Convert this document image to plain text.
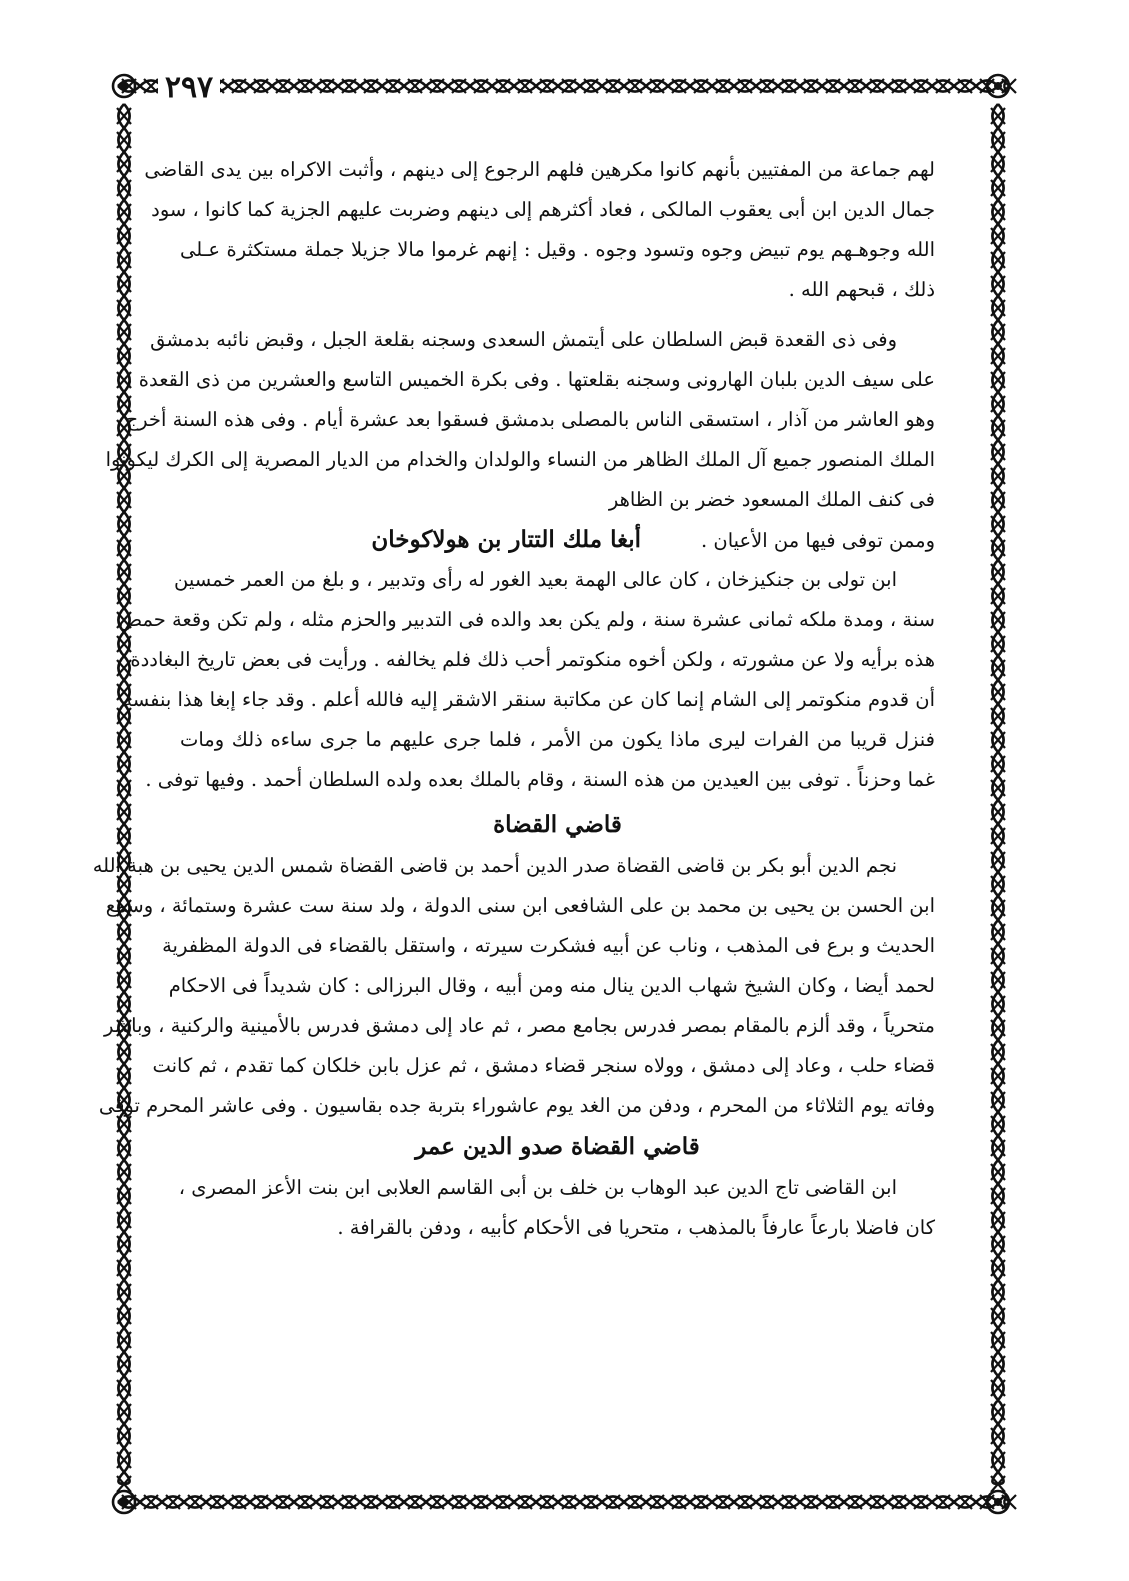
٢٩٧
لهم جماعة من المفتيين بأنهم كانوا مكرهين فلهم الرجوع إلى دينهم ، وأثبت الاكراه بين يدى القاضى
جمال الدين ابن أبى يعقوب المالكى ، فعاد أكثرهم إلى دينهم وضربت عليهم الجزية كما كانوا ، سود
الله وجوهـهم يوم تبيض وجوه وتسود وجوه . وقيل : إنهم غرموا مالا جزيلا جملة مستكثرة عـلى
ذلك ، قبحهم الله .
وفى ذى القعدة قبض السلطان على أيتمش السعدى وسجنه بقلعة الجبل ، وقبض نائبه بدمشق
على سيف الدين بلبان الهارونى وسجنه بقلعتها . وفى بكرة الخميس التاسع والعشرين من ذى القعدة ،
وهو العاشر من آذار ، استسقى الناس بالمصلى بدمشق فسقوا بعد عشرة أيام . وفى هذه السنة أخرج
الملك المنصور جميع آل الملك الظاهر من النساء والولدان والخدام من الديار المصرية إلى الكرك ليكونوا
فى كنف الملك المسعود خضر بن الظاهر
وممن توفى فيها من الأعيان .
أبغا ملك التتار بن هولاكوخان
ابن تولى بن جنكيزخان ، كان عالى الهمة بعيد الغور له رأى وتدبير ، و بلغ من العمر خمسين
سنة ، ومدة ملكه ثمانى عشرة سنة ، ولم يكن بعد والده فى التدبير والحزم مثله ، ولم تكن وقعة حمص
هذه برأيه ولا عن مشورته ، ولكن أخوه منكوتمر أحب ذلك فلم يخالفه . ورأيت فى بعض تاريخ البغاددة
أن قدوم منكوتمر إلى الشام إنما كان عن مكاتبة سنقر الاشقر إليه فالله أعلم . وقد جاء إبغا هذا بنفسه
فنزل قريبا من الفرات ليرى ماذا يكون من الأمر ، فلما جرى عليهم ما جرى ساءه ذلك ومات
غما وحزناً . توفى بين العيدين من هذه السنة ، وقام بالملك بعده ولده السلطان أحمد . وفيها توفى .
قاضي القضاة
نجم الدين أبو بكر بن قاضى القضاة صدر الدين أحمد بن قاضى القضاة شمس الدين يحيى بن هبة الله
ابن الحسن بن يحيى بن محمد بن على الشافعى ابن سنى الدولة ، ولد سنة ست عشرة وستمائة ، وسمع
الحديث و برع فى المذهب ، وناب عن أبيه فشكرت سيرته ، واستقل بالقضاء فى الدولة المظفرية
لحمد أيضا ، وكان الشيخ شهاب الدين ينال منه ومن أبيه ، وقال البرزالى : كان شديداً فى الاحكام
متحرياً ، وقد ألزم بالمقام بمصر فدرس بجامع مصر ، ثم عاد إلى دمشق فدرس بالأمينية والركنية ، وباشر
قضاء حلب ، وعاد إلى دمشق ، وولاه سنجر قضاء دمشق ، ثم عزل بابن خلكان كما تقدم ، ثم كانت
وفاته يوم الثلاثاء من المحرم ، ودفن من الغد يوم عاشوراء بتربة جده بقاسيون . وفى عاشر المحرم توفى
قاضي القضاة صدو الدين عمر
ابن القاضى تاج الدين عبد الوهاب بن خلف بن أبى القاسم العلابى ابن بنت الأعز المصرى ،
كان فاضلا بارعاً عارفاً بالمذهب ، متحريا فى الأحكام كأبيه ، ودفن بالقرافة .
